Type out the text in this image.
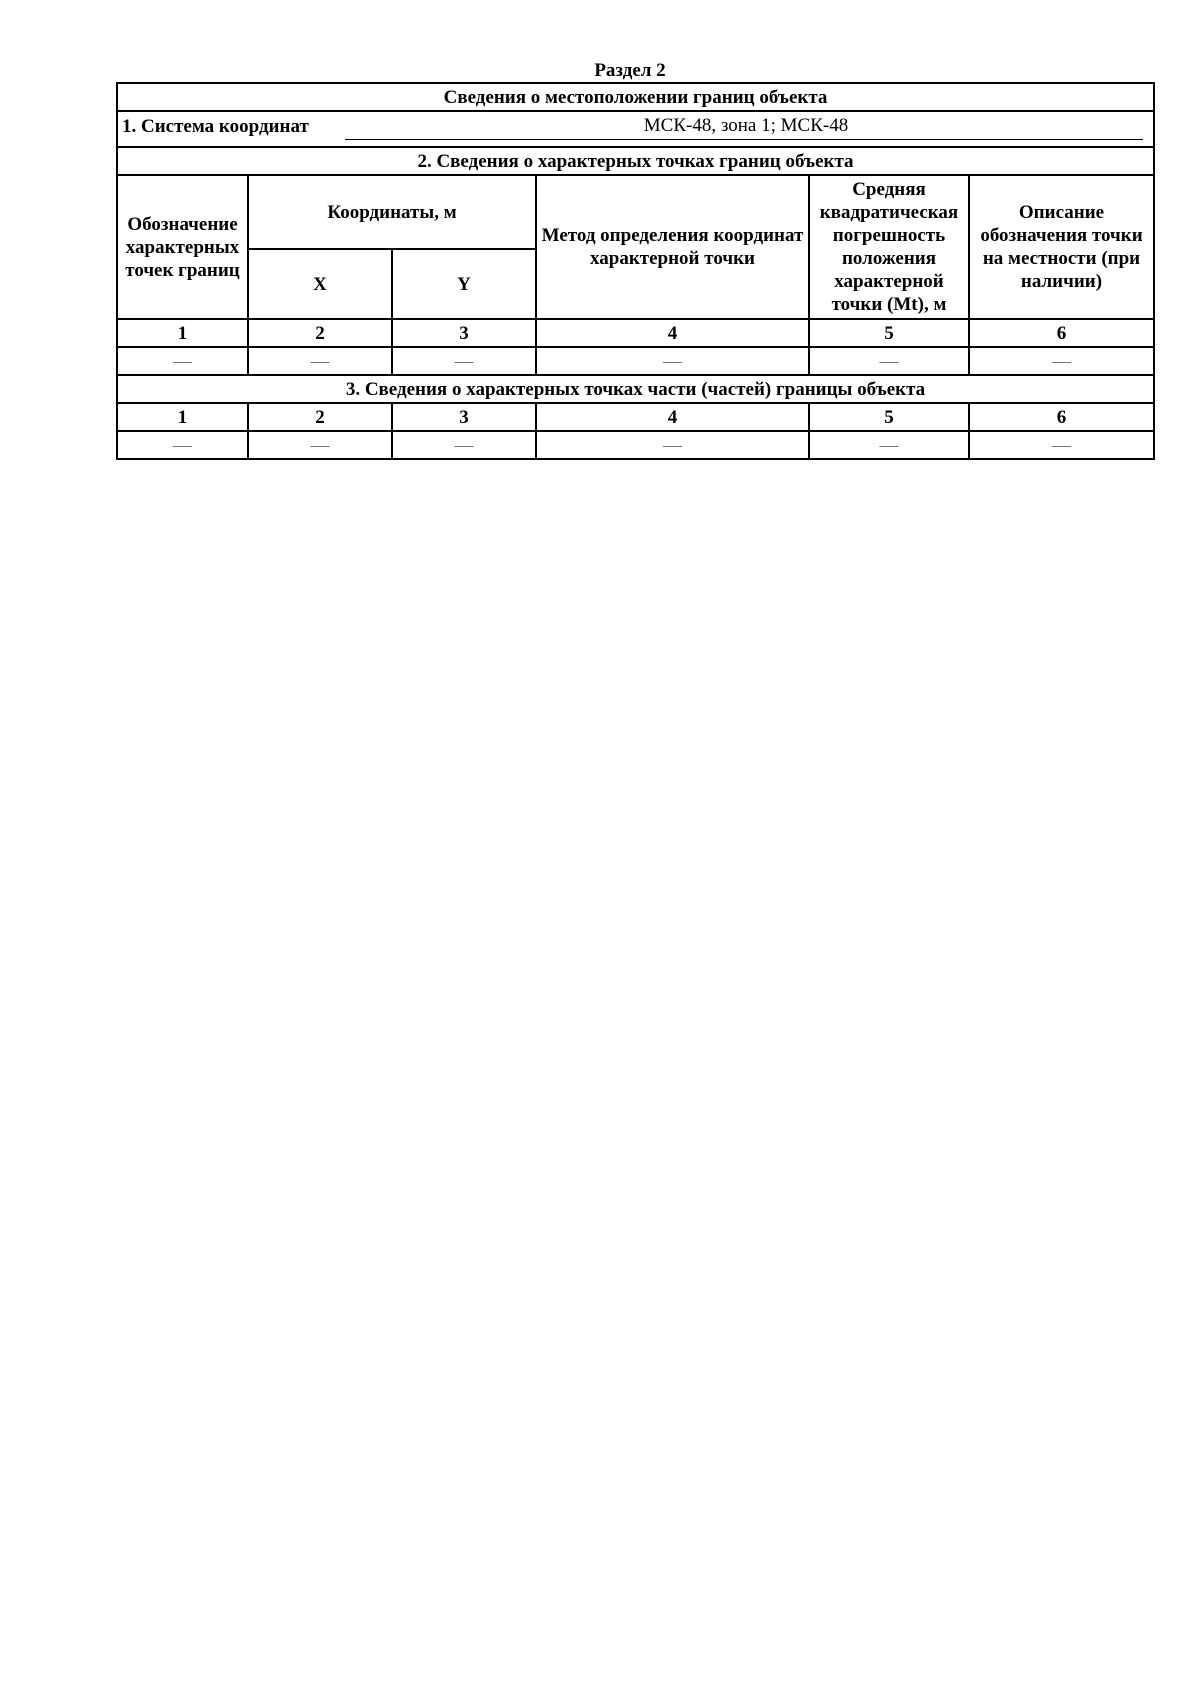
Раздел 2
Сведения о местоположении границ объекта					

1. Система координат МСК-48, зона 1; МСК-48					

2. Сведения о характерных точках границ объекта					
Обозначение характерных точек границ	Координаты, м		Метод определения координат характерной точки	Средняя квадратическая погрешность положения характерной точки (Mt), м	Описание обозначения точки на местности (при наличии)
	X	Y			
1	2	3	4	5	6
—	—	—	—	—	—
3. Сведения о характерных точках части (частей) границы объекта					
1	2	3	4	5	6
—	—	—	—	—	—
